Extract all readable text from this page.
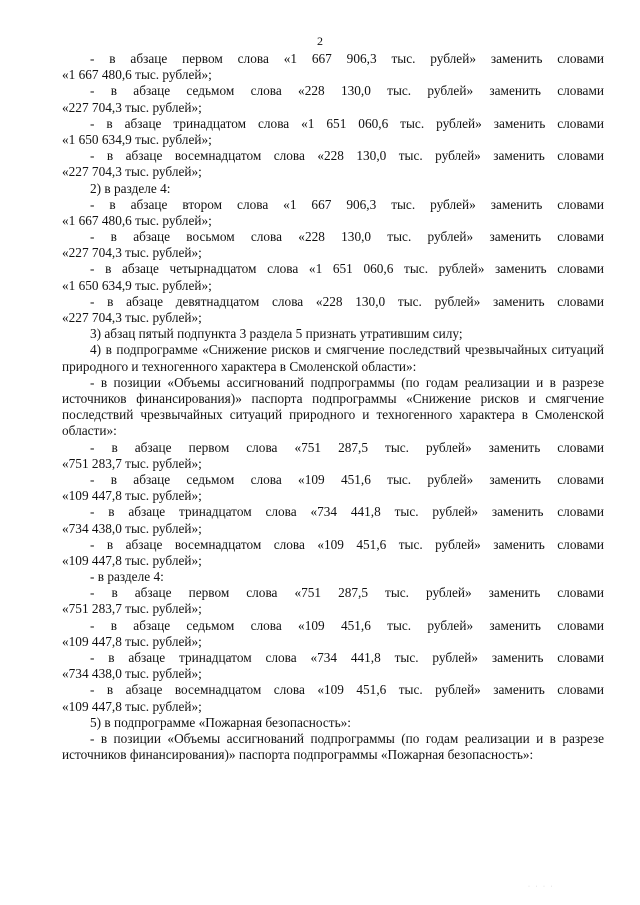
2
- в абзаце первом слова «1 667 906,3 тыс. рублей» заменить словами
«1 667 480,6 тыс. рублей»;
- в абзаце седьмом слова «228 130,0 тыс. рублей» заменить словами
«227 704,3 тыс. рублей»;
- в абзаце тринадцатом слова «1 651 060,6 тыс. рублей» заменить словами
«1 650 634,9 тыс. рублей»;
- в абзаце восемнадцатом слова «228 130,0 тыс. рублей» заменить словами
«227 704,3 тыс. рублей»;
2) в разделе 4:
- в абзаце втором слова «1 667 906,3 тыс. рублей» заменить словами
«1 667 480,6 тыс. рублей»;
- в абзаце восьмом слова «228 130,0 тыс. рублей» заменить словами
«227 704,3 тыс. рублей»;
- в абзаце четырнадцатом слова «1 651 060,6 тыс. рублей» заменить словами
«1 650 634,9 тыс. рублей»;
- в абзаце девятнадцатом слова «228 130,0 тыс. рублей» заменить словами
«227 704,3 тыс. рублей»;
3) абзац пятый подпункта 3 раздела 5 признать утратившим силу;

4) в подпрограмме «Снижение рисков и смягчение последствий чрезвычайных ситуаций природного и техногенного характера в Смоленской области»:

- в позиции «Объемы ассигнований подпрограммы (по годам реализации и в разрезе источников финансирования)» паспорта подпрограммы «Снижение рисков и смягчение последствий чрезвычайных ситуаций природного и техногенного характера в Смоленской области»:

- в абзаце первом слова «751 287,5 тыс. рублей» заменить словами
«751 283,7 тыс. рублей»;
- в абзаце седьмом слова «109 451,6 тыс. рублей» заменить словами
«109 447,8 тыс. рублей»;
- в абзаце тринадцатом слова «734 441,8 тыс. рублей» заменить словами
«734 438,0 тыс. рублей»;
- в абзаце восемнадцатом слова «109 451,6 тыс. рублей» заменить словами
«109 447,8 тыс. рублей»;
- в разделе 4:
- в абзаце первом слова «751 287,5 тыс. рублей» заменить словами
«751 283,7 тыс. рублей»;
- в абзаце седьмом слова «109 451,6 тыс. рублей» заменить словами
«109 447,8 тыс. рублей»;
- в абзаце тринадцатом слова «734 441,8 тыс. рублей» заменить словами
«734 438,0 тыс. рублей»;
- в абзаце восемнадцатом слова «109 451,6 тыс. рублей» заменить словами
«109 447,8 тыс. рублей»;
5) в подпрограмме «Пожарная безопасность»:

- в позиции «Объемы ассигнований подпрограммы (по годам реализации и в разрезе источников финансирования)» паспорта подпрограммы «Пожарная безопасность»:

· · · ·
